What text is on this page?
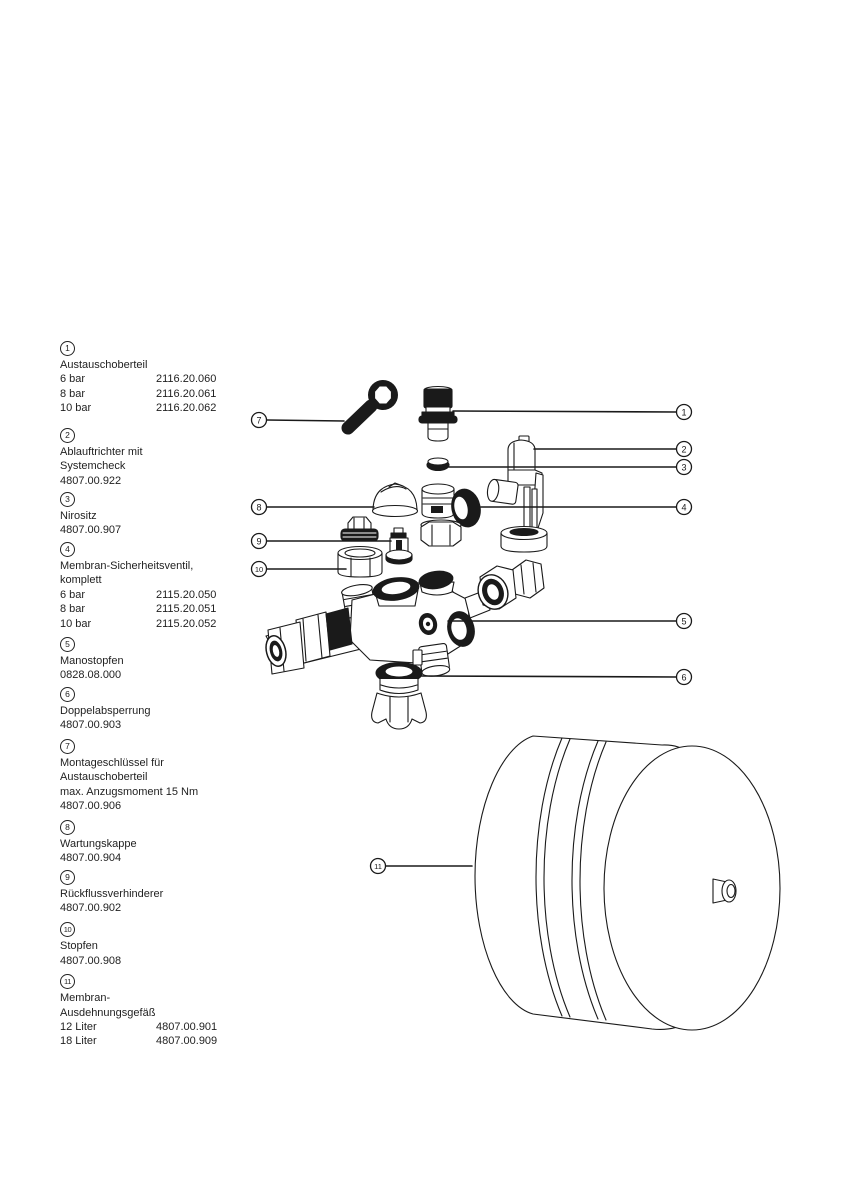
1
Austauschoberteil
6 bar	2116.20.060
8 bar	2116.20.061
10 bar	2116.20.062
2
Ablauftrichter mit
Systemcheck
4807.00.922
3
Nirositz
4807.00.907
4
Membran-Sicherheitsventil,
komplett
6 bar	2115.20.050
8 bar	2115.20.051
10 bar	2115.20.052
5
Manostopfen
0828.08.000
6
Doppelabsperrung
4807.00.903
7
Montageschlüssel für
Austauschoberteil
max. Anzugsmoment 15 Nm
4807.00.906
8
Wartungskappe
4807.00.904
9
Rückflussverhinderer
4807.00.902
10
Stopfen
4807.00.908
11
Membran-
Ausdehnungsgefäß
12 Liter	4807.00.901
18 Liter	4807.00.909
1
2
3
4
5
6
7
8
9
10
11
